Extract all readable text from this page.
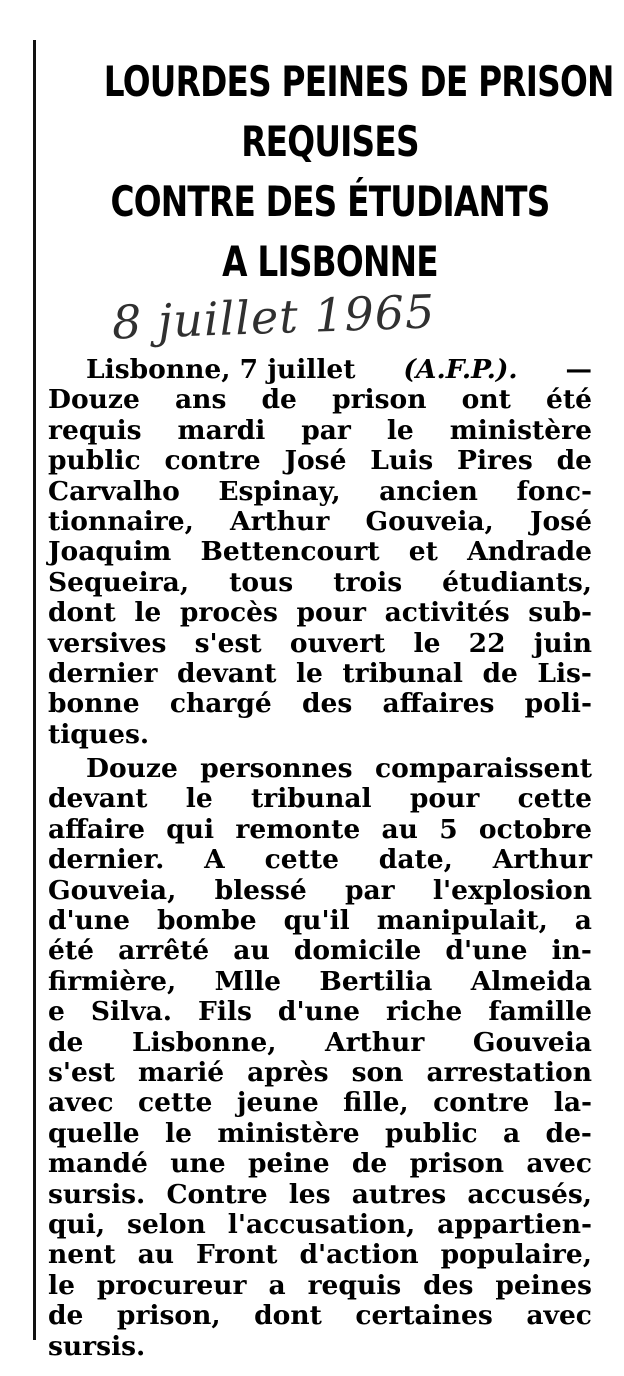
LOURDES PEINES DE PRISON
REQUISES
CONTRE DES ÉTUDIANTS
A LISBONNE
8 juillet 1965
Lisbonne, 7 juillet (A.F.P.). —
Douze ans de prison ont été
requis mardi par le ministère
public contre José Luis Pires de
Carvalho Espinay, ancien fonc-
tionnaire, Arthur Gouveia, José
Joaquim Bettencourt et Andrade
Sequeira, tous trois étudiants,
dont le procès pour activités sub-
versives s'est ouvert le 22 juin
dernier devant le tribunal de Lis-
bonne chargé des affaires poli-
tiques.
Douze personnes comparaissent
devant le tribunal pour cette
affaire qui remonte au 5 octobre
dernier. A cette date, Arthur
Gouveia, blessé par l'explosion
d'une bombe qu'il manipulait, a
été arrêté au domicile d'une in-
firmière, Mlle Bertilia Almeida
e Silva. Fils d'une riche famille
de Lisbonne, Arthur Gouveia
s'est marié après son arrestation
avec cette jeune fille, contre la-
quelle le ministère public a de-
mandé une peine de prison avec
sursis. Contre les autres accusés,
qui, selon l'accusation, appartien-
nent au Front d'action populaire,
le procureur a requis des peines
de prison, dont certaines avec
sursis.
